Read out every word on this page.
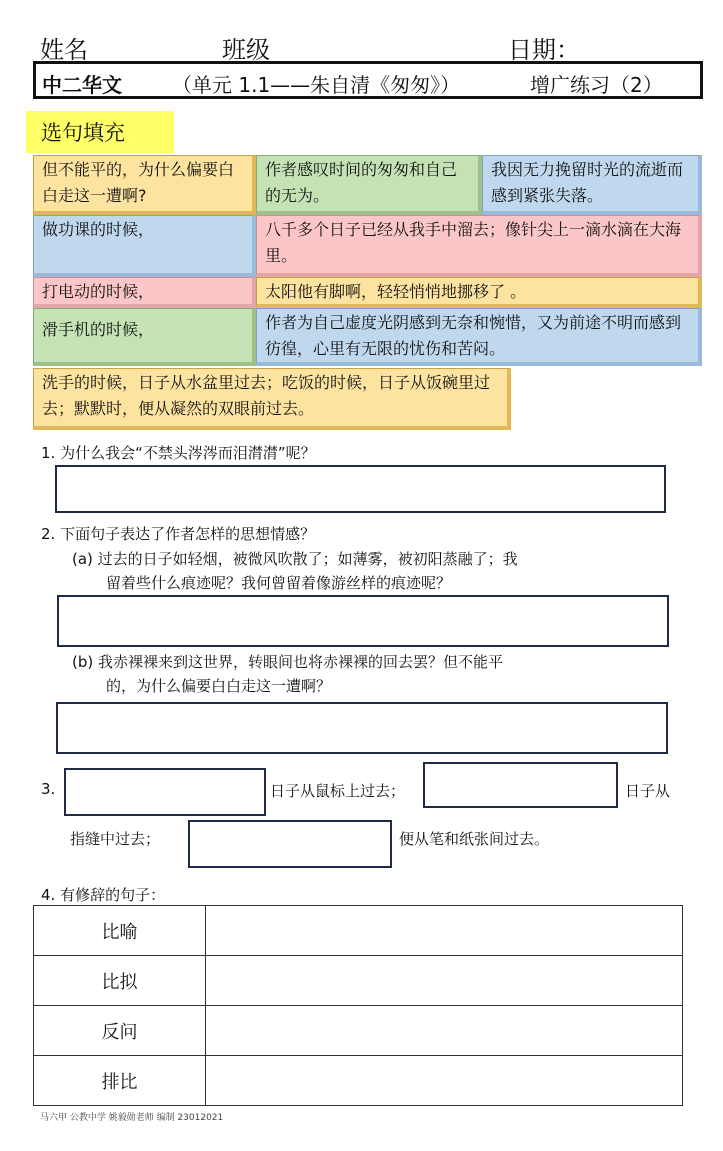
姓名	班级	日期：
中二华文	（单元 1.1——朱自清《匆匆》）	增广练习（2）
选句填充
但不能平的，为什么偏要白白走这一遭啊?
作者感叹时间的匆匆和自己的无为。
我因无力挽留时光的流逝而感到紧张失落。
做功课的时候，	八千多个日子已经从我手中溜去；像针尖上一滴水滴在大海里。
打电动的时候，	太阳他有脚啊，轻轻悄悄地挪移了 。
滑手机的时候，	作者为自己虚度光阴感到无奈和惋惜，又为前途不明而感到彷徨，心里有无限的忧伤和苦闷。
洗手的时候，日子从水盆里过去；吃饭的时候，日子从饭碗里过去；默默时，便从凝然的双眼前过去。
1. 为什么我会“不禁头涔涔而泪潸潸”呢？
2. 下面句子表达了作者怎样的思想情感？
(a) 过去的日子如轻烟，被微风吹散了；如薄雾，被初阳蒸融了；我
留着些什么痕迹呢？我何曾留着像游丝样的痕迹呢？
(b) 我赤裸裸来到这世界，转眼间也将赤裸裸的回去罢？但不能平
的，为什么偏要白白走这一遭啊？
3.	日子从鼠标上过去；	日子从
指缝中过去；	便从笔和纸张间过去。
4. 有修辞的句子：
比喻	
比拟	
反问	
排比	
马六甲 公教中学 姚毅勋老师 编制 23012021
